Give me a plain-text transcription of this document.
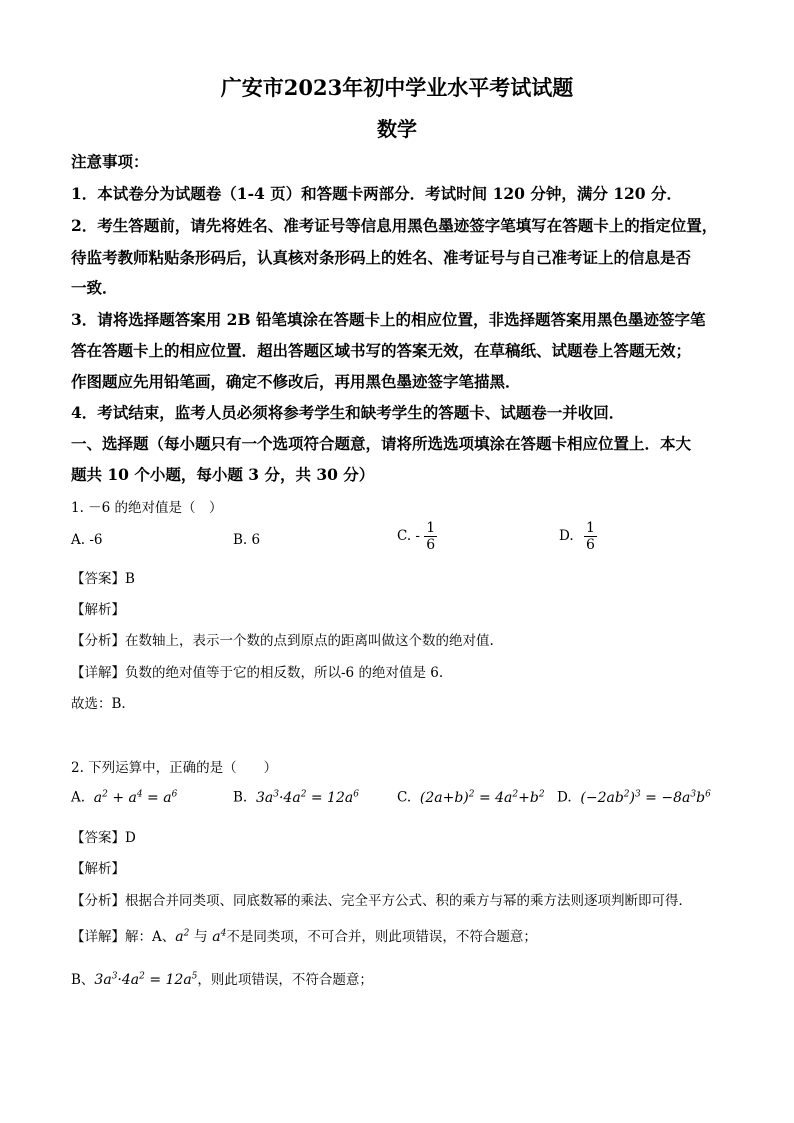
广安市2023年初中学业水平考试试题
数学
注意事项：
1．本试卷分为试题卷（1-4 页）和答题卡两部分．考试时间 120 分钟，满分 120 分．
2．考生答题前，请先将姓名、准考证号等信息用黑色墨迹签字笔填写在答题卡上的指定位置，
待监考教师粘贴条形码后，认真核对条形码上的姓名、准考证号与自己准考证上的信息是否
一致．
3．请将选择题答案用 2B 铅笔填涂在答题卡上的相应位置，非选择题答案用黑色墨迹签字笔
答在答题卡上的相应位置．超出答题区域书写的答案无效，在草稿纸、试题卷上答题无效；
作图题应先用铅笔画，确定不修改后，再用黑色墨迹签字笔描黑．
4．考试结束，监考人员必须将参考学生和缺考学生的答题卡、试题卷一并收回．
一、选择题（每小题只有一个选项符合题意，请将所选选项填涂在答题卡相应位置上．本大
题共 10 个小题，每小题 3 分，共 30 分）
1. －6 的绝对值是（　）
A. -6	B. 6	C. - $\frac{1}{6}$	D. $\frac{1}{6}$
【答案】B
【解析】
【分析】在数轴上，表示一个数的点到原点的距离叫做这个数的绝对值.
【详解】负数的绝对值等于它的相反数，所以-6 的绝对值是 6.
故选：B.
2. 下列运算中，正确的是（　　）
A.  $a^2 + a^4 = a^6$	B.  $3a^3\cdot 4a^2 = 12a^6$	C.  $(2a+b)^2 = 4a^2+b^2$ D.  $(-2ab^2)^3 = -8a^3b^6$
【答案】D
【解析】
【分析】根据合并同类项、同底数幂的乘法、完全平方公式、积的乘方与幂的乘方法则逐项判断即可得．
【详解】解：A、$a^2$ 与 $a^4$不是同类项，不可合并，则此项错误，不符合题意；
B、$3a^3\cdot 4a^2 = 12a^5$，则此项错误，不符合题意；
